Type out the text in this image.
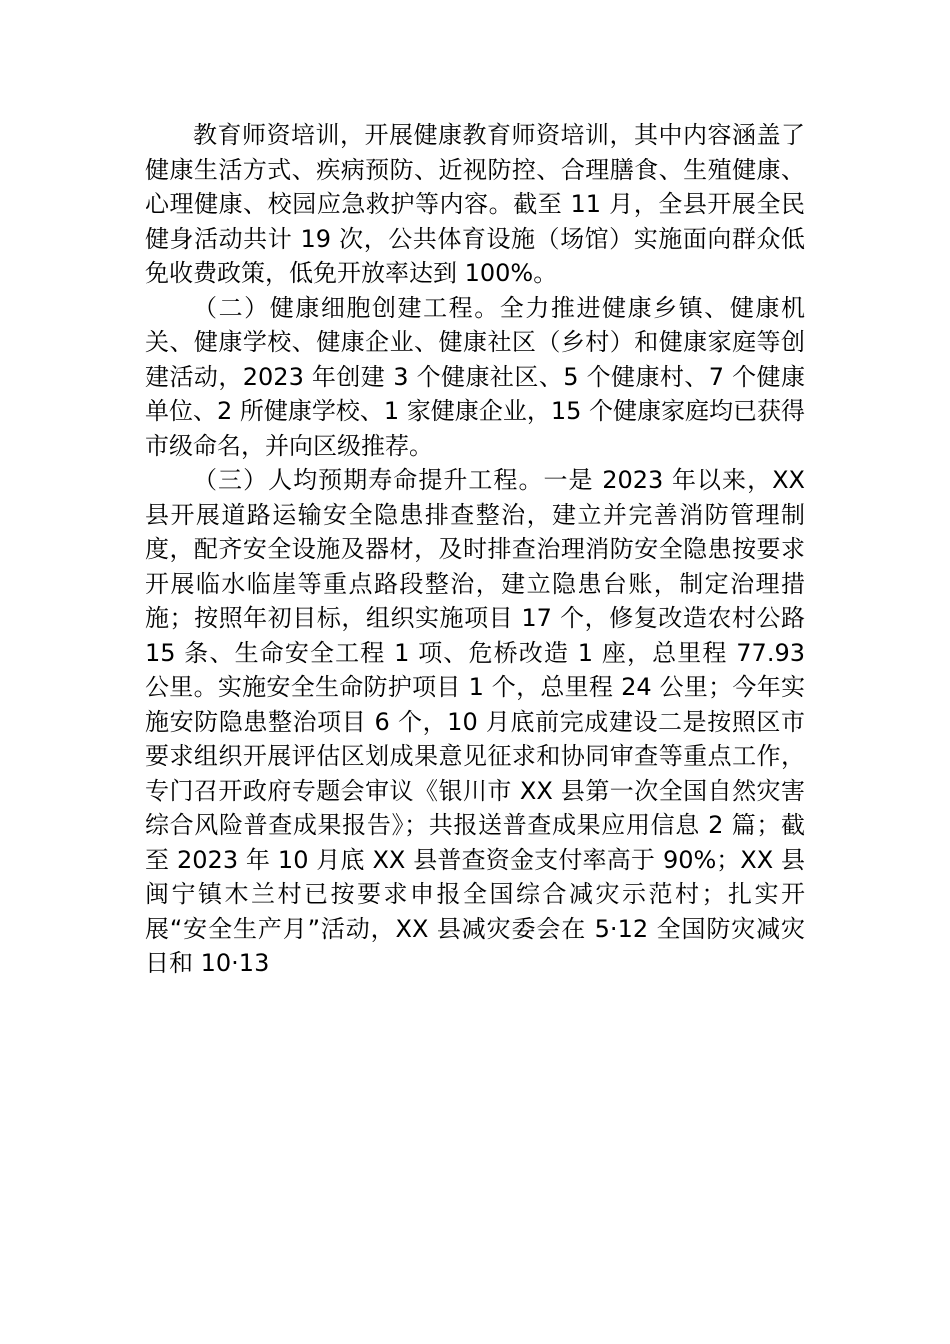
教育师资培训，开展健康教育师资培训，其中内容涵盖了健康生活方式、疾病预防、近视防控、合理膳食、生殖健康、心理健康、校园应急救护等内容。截至 11 月，全县开展全民健身活动共计 19 次，公共体育设施（场馆）实施面向群众低免收费政策，低免开放率达到 100%。

（二）健康细胞创建工程。全力推进健康乡镇、健康机关、健康学校、健康企业、健康社区（乡村）和健康家庭等创建活动，2023 年创建 3 个健康社区、5 个健康村、7 个健康单位、2 所健康学校、1 家健康企业，15 个健康家庭均已获得市级命名，并向区级推荐。

（三）人均预期寿命提升工程。一是 2023 年以来，XX 县开展道路运输安全隐患排查整治，建立并完善消防管理制度，配齐安全设施及器材，及时排查治理消防安全隐患按要求开展临水临崖等重点路段整治，建立隐患台账，制定治理措施；按照年初目标，组织实施项目 17 个，修复改造农村公路 15 条、生命安全工程 1 项、危桥改造 1 座，总里程 77.93 公里。实施安全生命防护项目 1 个，总里程 24 公里；今年实施安防隐患整治项目 6 个，10 月底前完成建设二是按照区市要求组织开展评估区划成果意见征求和协同审查等重点工作，专门召开政府专题会审议《银川市 XX 县第一次全国自然灾害综合风险普查成果报告》；共报送普查成果应用信息 2 篇；截至 2023 年 10 月底 XX 县普查资金支付率高于 90%；XX 县闽宁镇木兰村已按要求申报全国综合减灾示范村；扎实开展“安全生产月”活动，XX 县减灾委会在 5·12 全国防灾减灾日和 10·13
